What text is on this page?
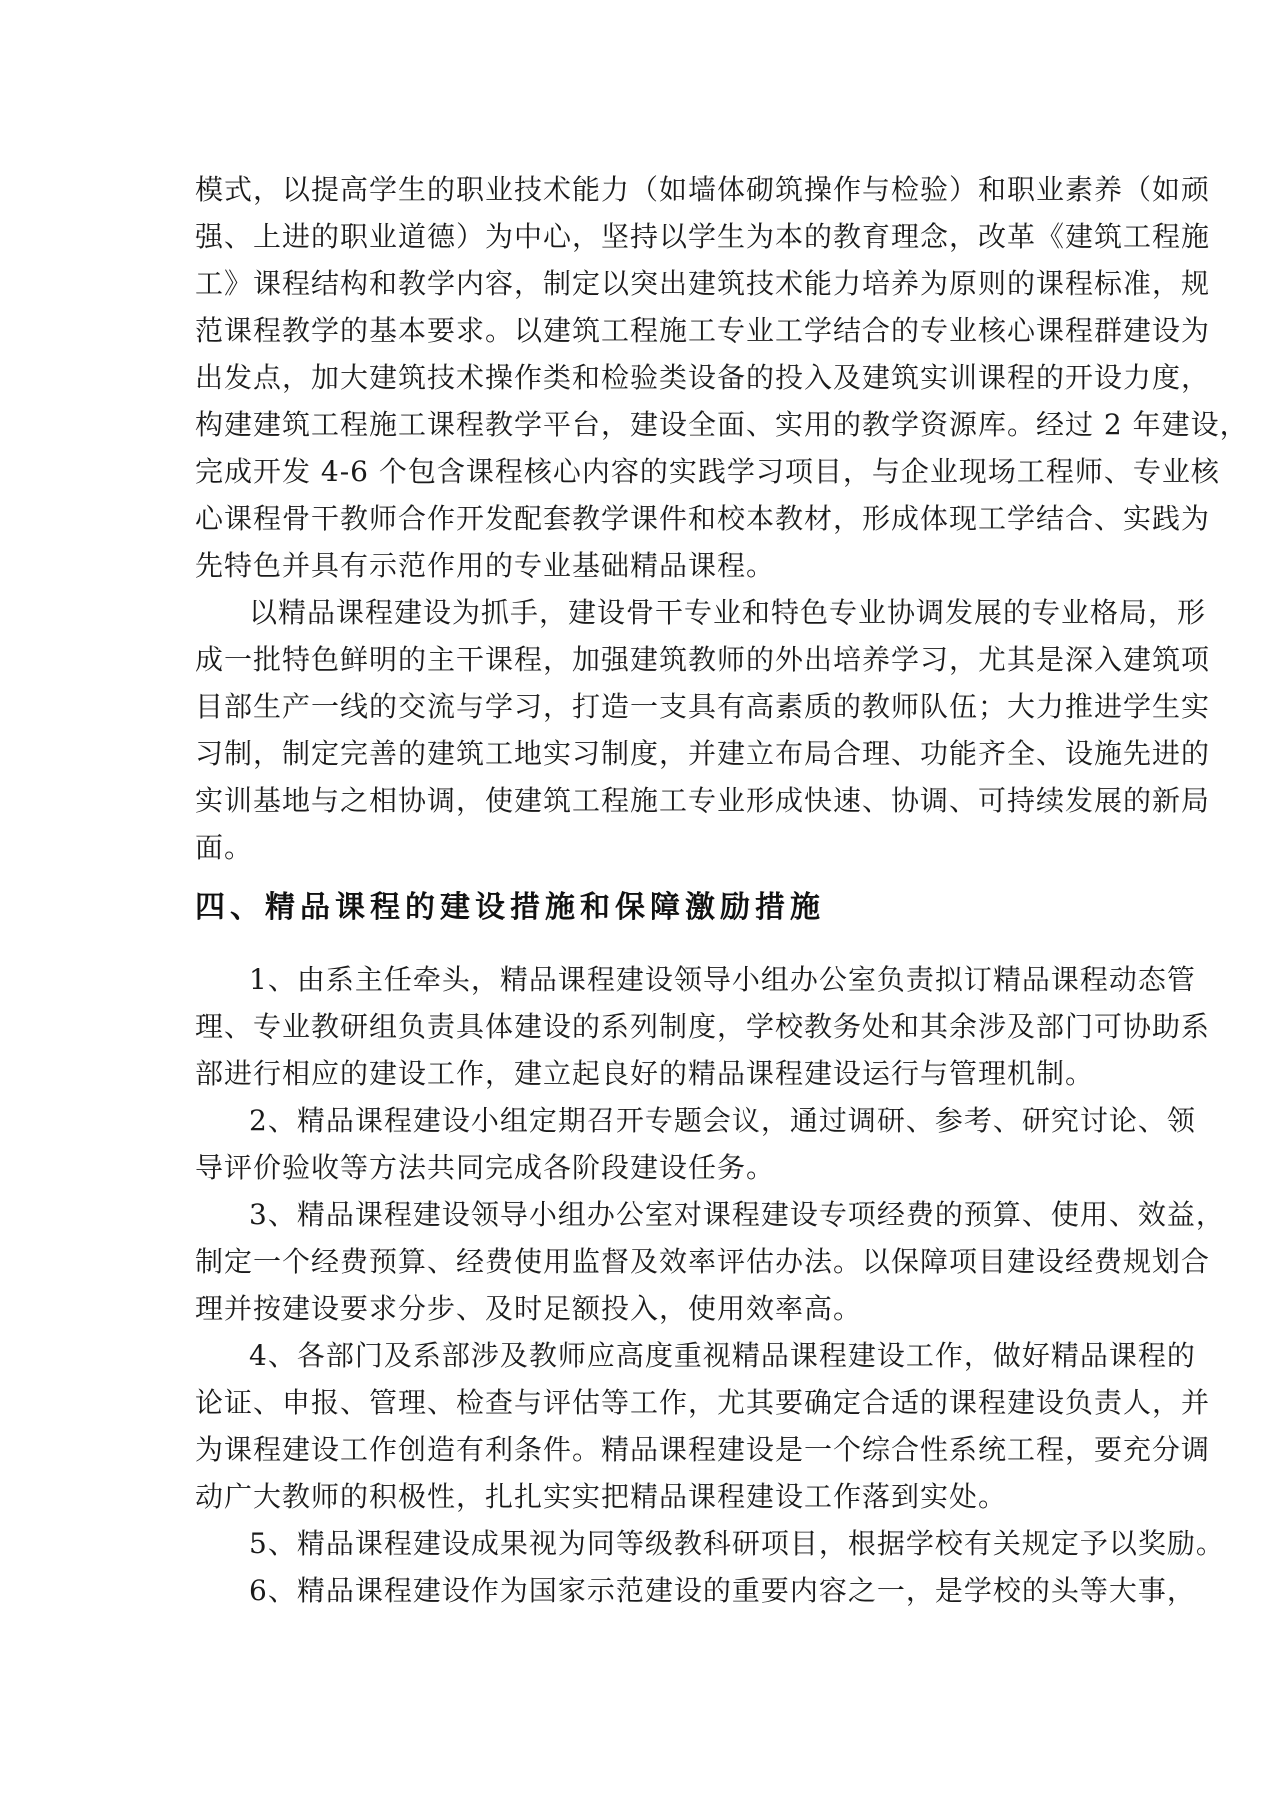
模式，以提高学生的职业技术能力（如墙体砌筑操作与检验）和职业素养（如顽
强、上进的职业道德）为中心，坚持以学生为本的教育理念，改革《建筑工程施
工》课程结构和教学内容，制定以突出建筑技术能力培养为原则的课程标准，规
范课程教学的基本要求。以建筑工程施工专业工学结合的专业核心课程群建设为
出发点，加大建筑技术操作类和检验类设备的投入及建筑实训课程的开设力度，
构建建筑工程施工课程教学平台，建设全面、实用的教学资源库。经过 2 年建设，
完成开发 4-6 个包含课程核心内容的实践学习项目，与企业现场工程师、专业核
心课程骨干教师合作开发配套教学课件和校本教材，形成体现工学结合、实践为
先特色并具有示范作用的专业基础精品课程。
以精品课程建设为抓手，建设骨干专业和特色专业协调发展的专业格局，形
成一批特色鲜明的主干课程，加强建筑教师的外出培养学习，尤其是深入建筑项
目部生产一线的交流与学习，打造一支具有高素质的教师队伍；大力推进学生实
习制，制定完善的建筑工地实习制度，并建立布局合理、功能齐全、设施先进的
实训基地与之相协调，使建筑工程施工专业形成快速、协调、可持续发展的新局
面。
四、精品课程的建设措施和保障激励措施
1、由系主任牵头，精品课程建设领导小组办公室负责拟订精品课程动态管
理、专业教研组负责具体建设的系列制度，学校教务处和其余涉及部门可协助系
部进行相应的建设工作，建立起良好的精品课程建设运行与管理机制。
2、精品课程建设小组定期召开专题会议，通过调研、参考、研究讨论、领
导评价验收等方法共同完成各阶段建设任务。
3、精品课程建设领导小组办公室对课程建设专项经费的预算、使用、效益，
制定一个经费预算、经费使用监督及效率评估办法。以保障项目建设经费规划合
理并按建设要求分步、及时足额投入，使用效率高。
4、各部门及系部涉及教师应高度重视精品课程建设工作，做好精品课程的
论证、申报、管理、检查与评估等工作，尤其要确定合适的课程建设负责人，并
为课程建设工作创造有利条件。精品课程建设是一个综合性系统工程，要充分调
动广大教师的积极性，扎扎实实把精品课程建设工作落到实处。
5、精品课程建设成果视为同等级教科研项目，根据学校有关规定予以奖励。
6、精品课程建设作为国家示范建设的重要内容之一，是学校的头等大事，
